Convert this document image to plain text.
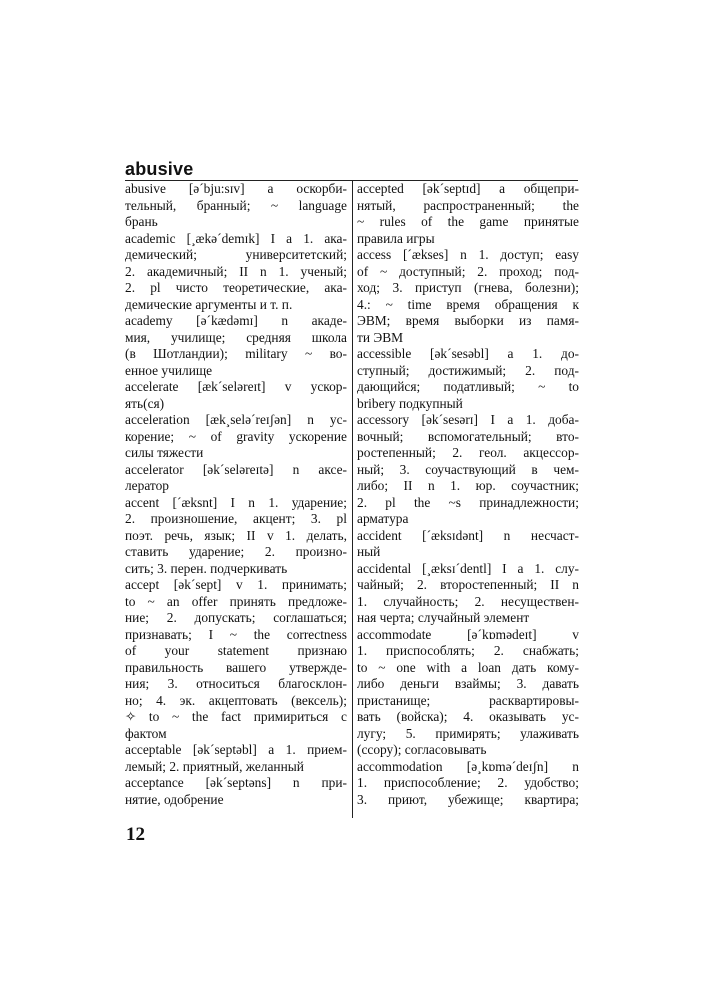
abusive
abusive [ə´bju:sɪv] a оскорби-
тельный, бранный; ~ language
брань
academic [¸ækə´demɪk] I a 1. ака-
демический;	университетский;
2. академичный; II n 1. ученый;
2. pl чисто теоретические, ака-
демические аргументы и т. п.
academy [ə´kædəmɪ] n акаде-
мия, училище; средняя школа
(в Шотландии); military ~ во-
енное училище
accelerate [æk´seləreɪt] v ускор-
ять(ся)
acceleration [æk¸selə´reɪʃən] n ус-
корение; ~ of gravity ускорение
силы тяжести
accelerator [ək´seləreɪtə] n аксе-
лератор
accent [´æksnt] I n 1. ударение;
2. произношение, акцент; 3. pl
поэт. речь, язык; II v 1. делать,
ставить ударение; 2. произно-
сить; 3. перен. подчеркивать
accept [ək´sept] v 1. принимать;
to ~ an offer принять предложе-
ние; 2. допускать; соглашаться;
признавать; I ~ the correctness
of your statement признаю
правильность вашего утвержде-
ния; 3. относиться благосклон-
но; 4. эк. акцептовать (вексель);
✧ to ~ the fact примириться с
фактом
acceptable [ək´septəbl] a 1. прием-
лемый; 2. приятный, желанный
acceptance [ək´septəns] n при-
нятие, одобрение
accepted [ək´septɪd] a общепри-
нятый, распространенный; the
~ rules of the game принятые
правила игры
access [´ækses] n 1. доступ; easy
of ~ доступный; 2. проход; под-
ход; 3. приступ (гнева, болезни);
4.: ~ time время обращения к
ЭВМ; время выборки из памя-
ти ЭВМ
accessible [ək´sesəbl] a 1. до-
ступный; достижимый; 2. под-
дающийся; податливый; ~ to
bribery подкупный
accessory [ək´sesərɪ] I a 1. доба-
вочный; вспомогательный; вто-
ростепенный; 2. геол. акцессор-
ный; 3. соучаствующий в чем-
либо; II n 1. юр. соучастник;
2. pl the ~s принадлежности;
арматура
accident [´æksɪdənt] n несчаст-
ный
accidental [¸æksɪ´dentl] I a 1. слу-
чайный; 2. второстепенный; II n
1. случайность; 2. несуществен-
ная черта; случайный элемент
accommodate	[ə´kɒmədeɪt]	v
1. приспособлять; 2. снабжать;
to ~ one with a loan дать кому-
либо деньги взаймы; 3. давать
пристанище;	расквартировы-
вать (войска); 4. оказывать ус-
лугу; 5. примирять; улаживать
(ссору); согласовывать
accommodation [ə¸kɒmə´deɪʃn] n
1. приспособление; 2. удобство;
3. приют, убежище; квартира;
12
